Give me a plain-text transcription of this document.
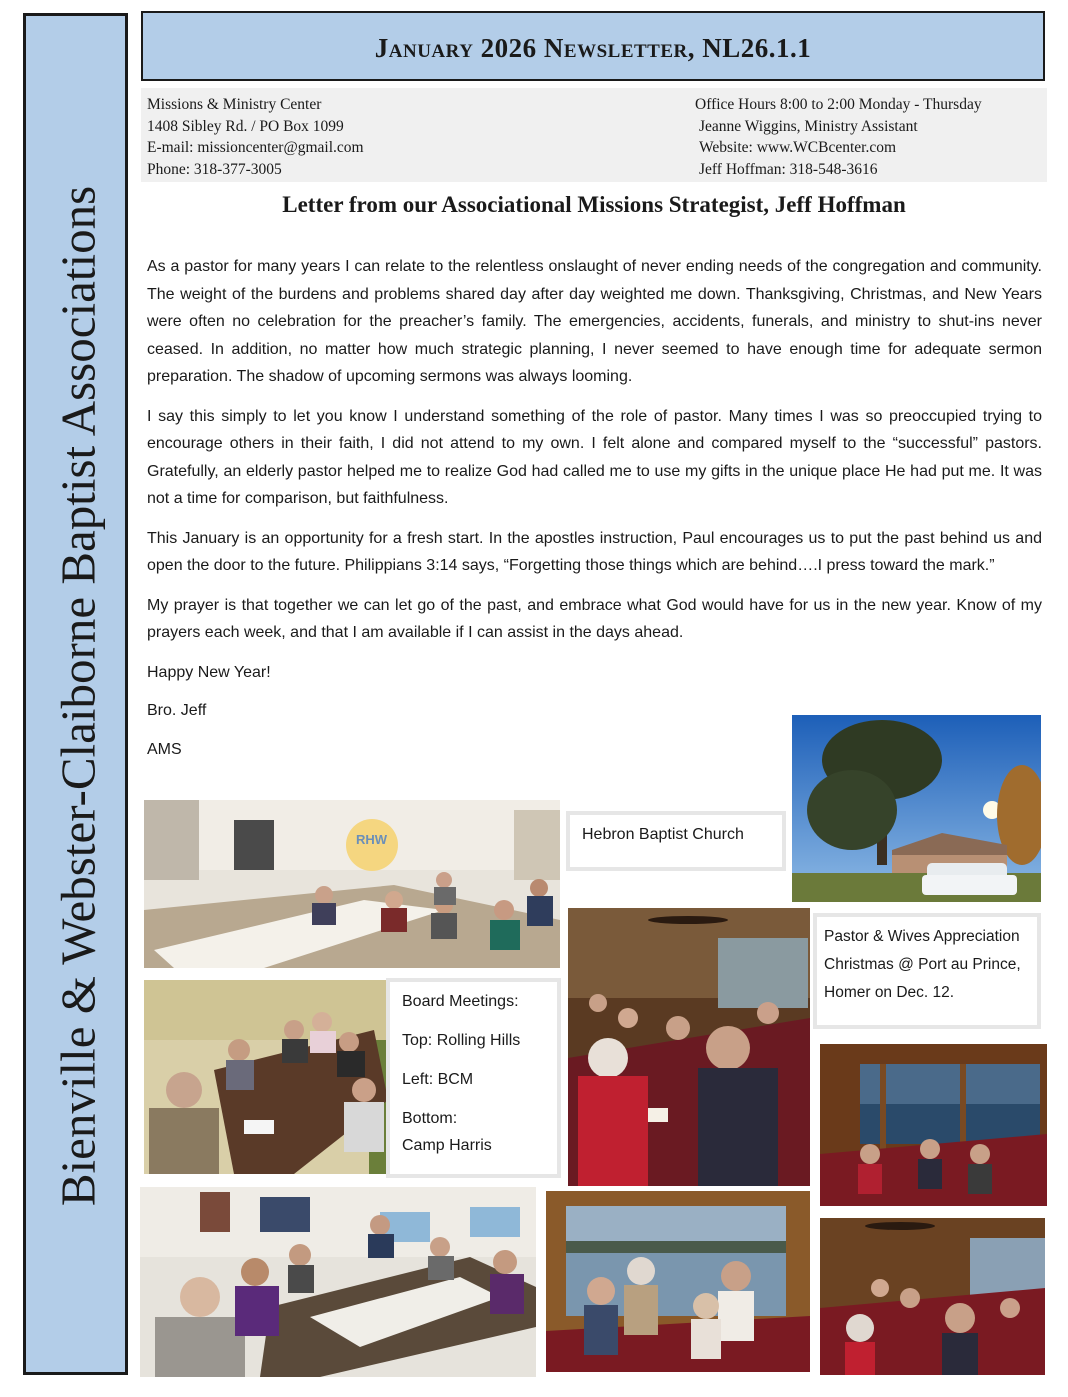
Bienville & Webster-Claiborne Baptist Associations
January 2026 Newsletter, NL26.1.1
Missions & Ministry Center
1408 Sibley Rd. / PO Box 1099
E-mail: missioncenter@gmail.com
Phone: 318-377-3005
Office Hours 8:00 to 2:00 Monday - Thursday
Jeanne Wiggins, Ministry Assistant
Website: www.WCBcenter.com
Jeff Hoffman: 318-548-3616
Letter from our Associational Missions Strategist, Jeff Hoffman

As a pastor for many years I can relate to the relentless onslaught of never ending needs of the congregation and community. The weight of the burdens and problems shared day after day weighted me down. Thanksgiving, Christmas, and New Years were often no celebration for the preacher’s family. The emergencies, accidents, funerals, and ministry to shut-ins never ceased. In addition, no matter how much strategic planning, I never seemed to have enough time for adequate sermon preparation. The shadow of upcoming sermons was always looming.

I say this simply to let you know I understand something of the role of pastor. Many times I was so preoccupied trying to encourage others in their faith, I did not attend to my own. I felt alone and compared myself to the “successful” pastors. Gratefully, an elderly pastor helped me to realize God had called me to use my gifts in the unique place He had put me. It was not a time for comparison, but faithfulness.

This January is an opportunity for a fresh start. In the apostles instruction, Paul encourages us to put the past behind us and open the door to the future. Philippians 3:14 says, “Forgetting those things which are behind….I press toward the mark.”

My prayer is that together we can let go of the past, and embrace what God would have for us in the new year. Know of my prayers each week, and that I am available if I can assist in the days ahead.

Happy New Year!

Bro. Jeff

AMS

RHW	Hebron Baptist Church

Board Meetings:

Top: Rolling Hills

Left: BCM

Bottom:

Camp Harris

Pastor & Wives Appreciation Christmas @ Port au Prince, Homer on Dec. 12.
